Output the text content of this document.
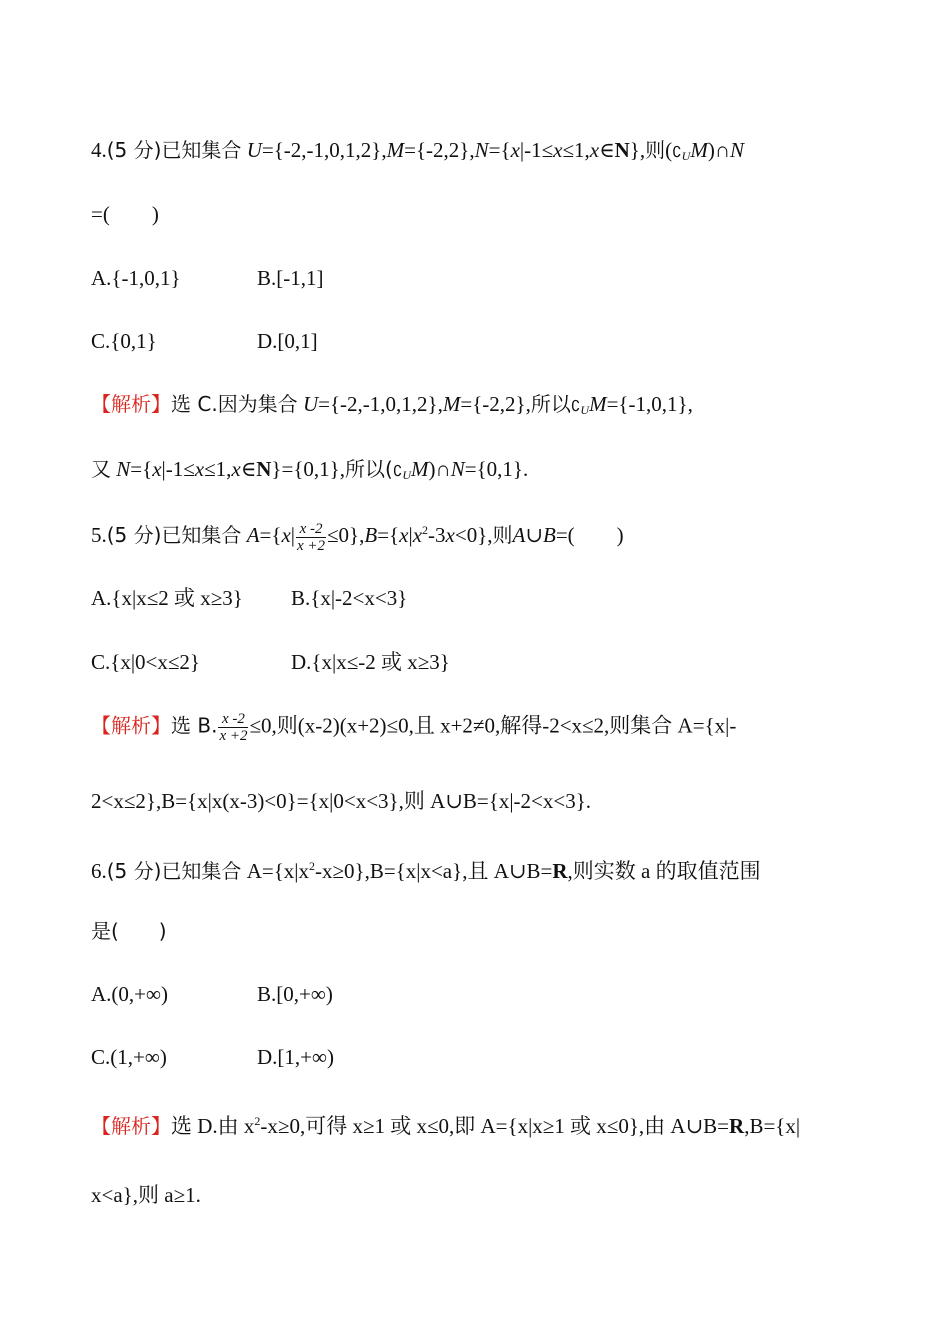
4.(5 分)已知集合 U={-2,-1,0,1,2},M={-2,2},N={x|-1≤x≤1,x∈N},则$(∁_UM)\cap N$
=(　　)
A.{-1,0,1}	B.[-1,1]
C.{0,1}	D.[0,1]
【解析】选 C.因为集合 U={-2,-1,0,1,2},M={-2,2},所以$∁_UM=\{-1,0,1\}$,
又 N={x|-1≤x≤1,x∈N}={0,1},所以$(∁_UM)\cap N=\{0,1\}$.
5.(5 分)已知集合 $A=\{x| \frac{x -2}{x +2} \le 0\},B=\{x|x^2-3x<0\}$,则A∪B=(　　)
A.{x|x≤2 或 x≥3} B.{x|-2<x<3}
C.{x|0<x≤2}	D.{x|x≤-2 或 x≥3}
【解析】选 B. $\frac{x -2}{x +2} \le 0$,则(x-2)(x+2)≤0,且 x+2≠0,解得-2<x≤2,则集合 A={x|-
2<x≤2},B={x|x(x-3)<0}={x|0<x<3},则 A∪B={x|-2<x<3}.
6.(5 分)已知集合 $A=\{x|x^2-x\ge 0\},B=\{x|x<a\}$,且 A∪B=R,则实数 a 的取值范围
是(　　)
A.(0,+∞)	B.[0,+∞)
C.(1,+∞)	D.[1,+∞)
【解析】选 D.由 $x^2-x\ge 0$,可得 x≥1 或 x≤0,即 A={x|x≥1 或 x≤0},由 A∪B=R,B={x|
x<a},则 a≥1.
